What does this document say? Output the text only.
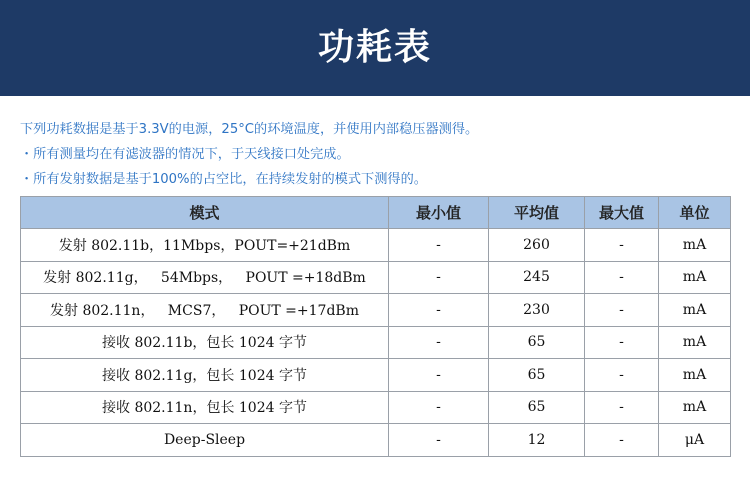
功耗表
下列功耗数据是基于3.3V的电源，25°C的环境温度，并使用内部稳压器测得。
・所有测量均在有滤波器的情况下，于天线接口处完成。
・所有发射数据是基于100%的占空比，在持续发射的模式下测得的。
模式	最小值	平均值	最大值	单位
发射 802.11b，11Mbps，POUT=+21dBm	-	260	-	mA
发射 802.11g，   54Mbps，   POUT =+18dBm	-	245	-	mA
发射 802.11n，   MCS7，   POUT =+17dBm	-	230	-	mA
接收 802.11b，包长 1024 字节	-	65	-	mA
接收 802.11g，包长 1024 字节	-	65	-	mA
接收 802.11n，包长 1024 字节	-	65	-	mA
Deep-Sleep	-	12	-	μA
